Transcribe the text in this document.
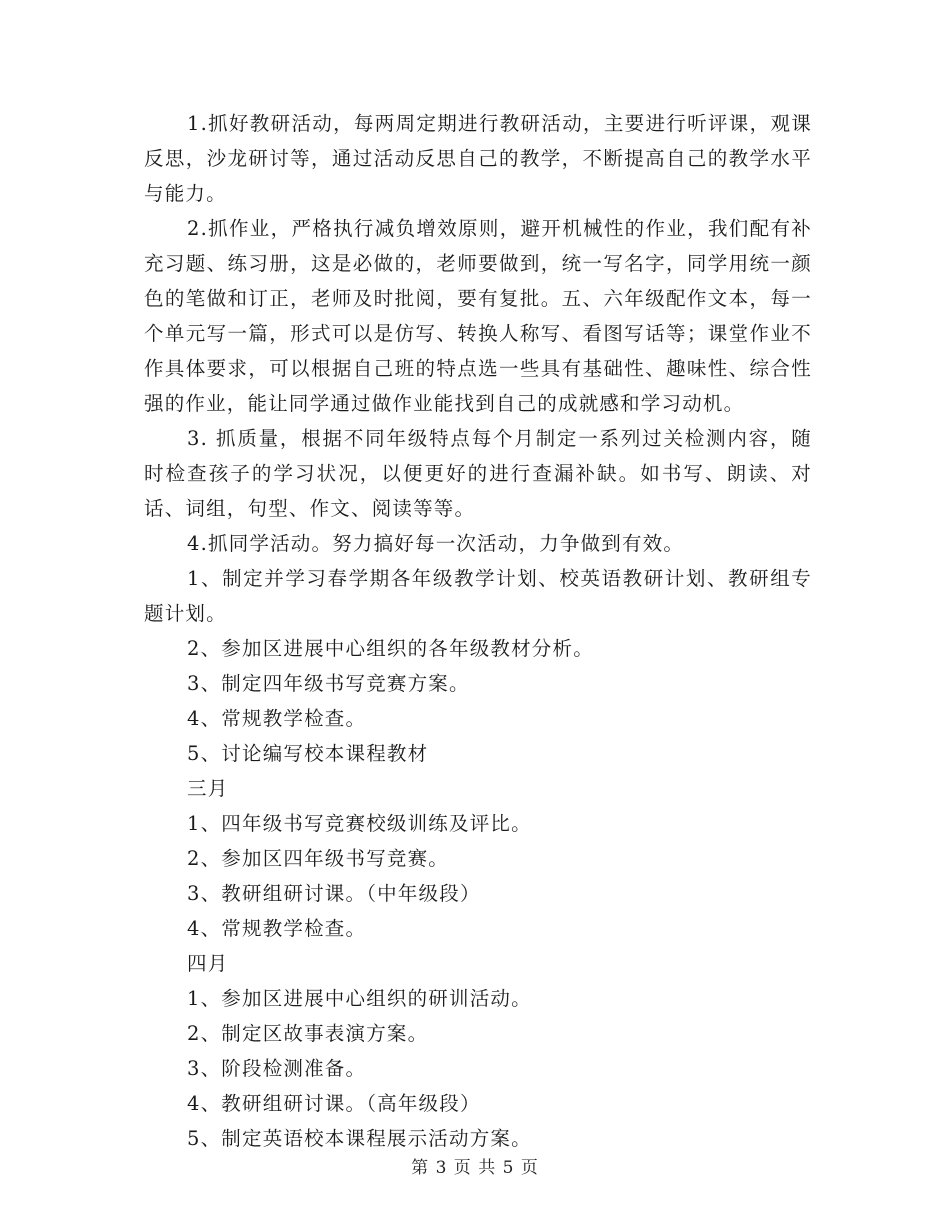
1.抓好教研活动，每两周定期进行教研活动，主要进行听评课，观课反思，沙龙研讨等，通过活动反思自己的教学，不断提高自己的教学水平与能力。

2.抓作业，严格执行减负增效原则，避开机械性的作业，我们配有补充习题、练习册，这是必做的，老师要做到，统一写名字，同学用统一颜色的笔做和订正，老师及时批阅，要有复批。五、六年级配作文本，每一个单元写一篇，形式可以是仿写、转换人称写、看图写话等；课堂作业不作具体要求，可以根据自己班的特点选一些具有基础性、趣味性、综合性强的作业，能让同学通过做作业能找到自己的成就感和学习动机。

3. 抓质量，根据不同年级特点每个月制定一系列过关检测内容，随时检查孩子的学习状况，以便更好的进行查漏补缺。如书写、朗读、对话、词组，句型、作文、阅读等等。

4.抓同学活动。努力搞好每一次活动，力争做到有效。

1、制定并学习春学期各年级教学计划、校英语教研计划、教研组专题计划。

2、参加区进展中心组织的各年级教材分析。

3、制定四年级书写竞赛方案。

4、常规教学检查。

5、讨论编写校本课程教材

三月

1、四年级书写竞赛校级训练及评比。

2、参加区四年级书写竞赛。

3、教研组研讨课。（中年级段）

4、常规教学检查。

四月

1、参加区进展中心组织的研训活动。

2、制定区故事表演方案。

3、阶段检测准备。

4、教研组研讨课。（高年级段）

5、制定英语校本课程展示活动方案。

第 3 页 共 5 页
